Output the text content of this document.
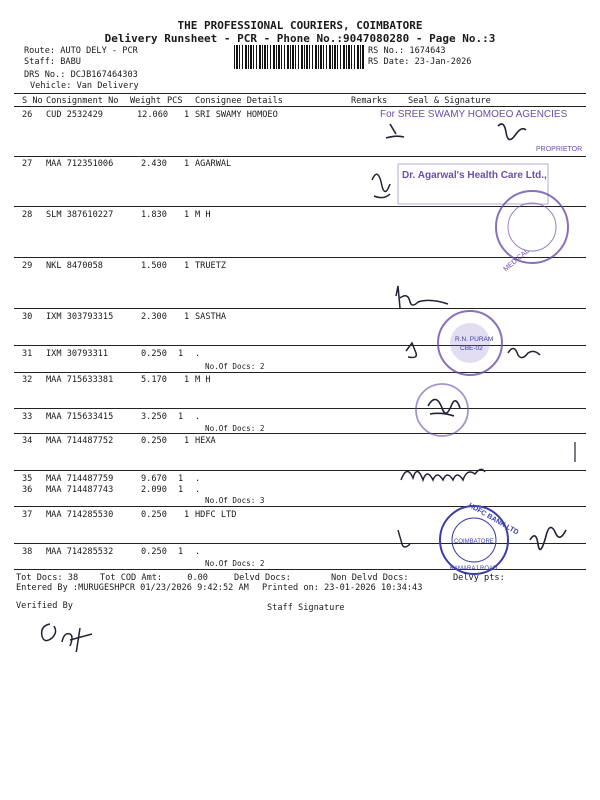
THE PROFESSIONAL COURIERS, COIMBATORE
Delivery Runsheet - PCR - Phone No.:9047080280 - Page No.:3
Route: AUTO DELY - PCR
Staff: BABU
DRS No.: DCJB167464303
Vehicle: Van Delivery
RS No.: 1674643
RS Date: 23-Jan-2026
S No Consignment No Weight PCS Consignee Details	Remarks Seal & Signature
26 CUD 2532429	12.060 1 SRI SWAMY HOMOEO
27 MAA 712351006	2.430 1 AGARWAL
28 SLM 387610227	1.830 1 M H
29 NKL 8470058	1.500 1 TRUETZ
30 IXM 303793315	2.300 1 SASTHA
31 IXM 30793311	0.250 1 .
No.Of Docs: 2
32 MAA 715633381	5.170 1 M H
33 MAA 715633415	3.250 1 .
No.Of Docs: 2
34 MAA 714487752	0.250 1 HEXA
35 MAA 714487759	9.670 1 .
36 MAA 714487743	2.090 1 .
No.Of Docs: 3
37 MAA 714285530	0.250 1 HDFC LTD
38 MAA 714285532	0.250 1 .
No.Of Docs: 2
For SREE SWAMY HOMOEO AGENCIES
PROPRIETOR
Dr. Agarwal's Health Care Ltd.,
MEDICAL
R.N. PURAM
CBE-02
HDFC BANK LTD
COIMBATORE
KAMARAJ ROAD
Tot Docs: 38	Tot COD Amt:	0.00	Delvd Docs:	Non Delvd Docs:	Delvy pts:
Entered By :MURUGESHPCR 01/23/2026 9:42:52 AM Printed on: 23-01-2026 10:34:43
Verified By	Staff Signature
